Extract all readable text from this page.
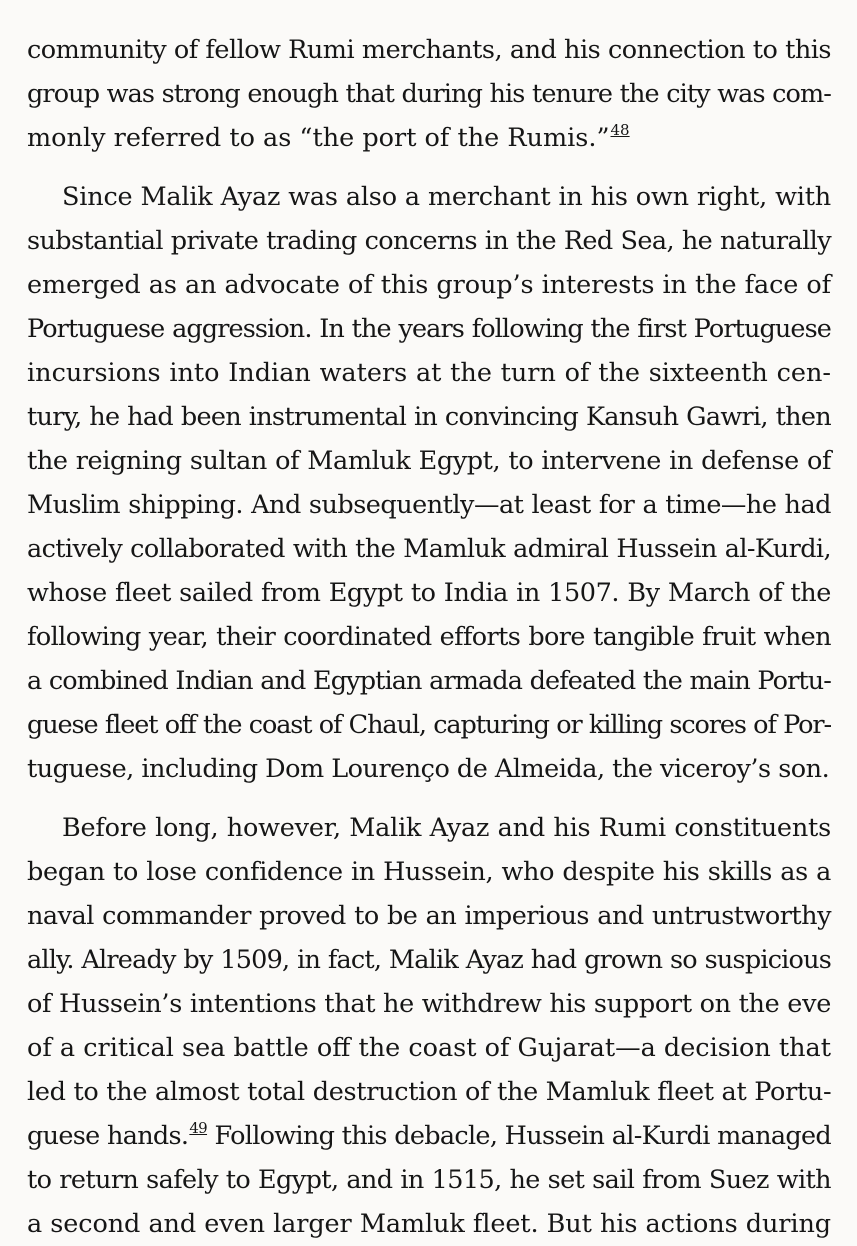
community of fellow Rumi merchants, and his connection to this
group was strong enough that during his tenure the city was com-
monly referred to as “the port of the Rumis.”$^{48}$
Since Malik Ayaz was also a merchant in his own right, with
substantial private trading concerns in the Red Sea, he naturally
emerged as an advocate of this group’s interests in the face of
Portuguese aggression. In the years following the first Portuguese
incursions into Indian waters at the turn of the sixteenth cen-
tury, he had been instrumental in convincing Kansuh Gawri, then
the reigning sultan of Mamluk Egypt, to intervene in defense of
Muslim shipping. And subsequently—at least for a time—he had
actively collaborated with the Mamluk admiral Hussein al-Kurdi,
whose fleet sailed from Egypt to India in 1507. By March of the
following year, their coordinated efforts bore tangible fruit when
a combined Indian and Egyptian armada defeated the main Portu-
guese fleet off the coast of Chaul, capturing or killing scores of Por-
tuguese, including Dom Lourenço de Almeida, the viceroy’s son.
Before long, however, Malik Ayaz and his Rumi constituents
began to lose confidence in Hussein, who despite his skills as a
naval commander proved to be an imperious and untrustworthy
ally. Already by 1509, in fact, Malik Ayaz had grown so suspicious
of Hussein’s intentions that he withdrew his support on the eve
of a critical sea battle off the coast of Gujarat—a decision that
led to the almost total destruction of the Mamluk fleet at Portu-
guese hands.$^{49}$ Following this debacle, Hussein al-Kurdi managed
to return safely to Egypt, and in 1515, he set sail from Suez with
a second and even larger Mamluk fleet. But his actions during
